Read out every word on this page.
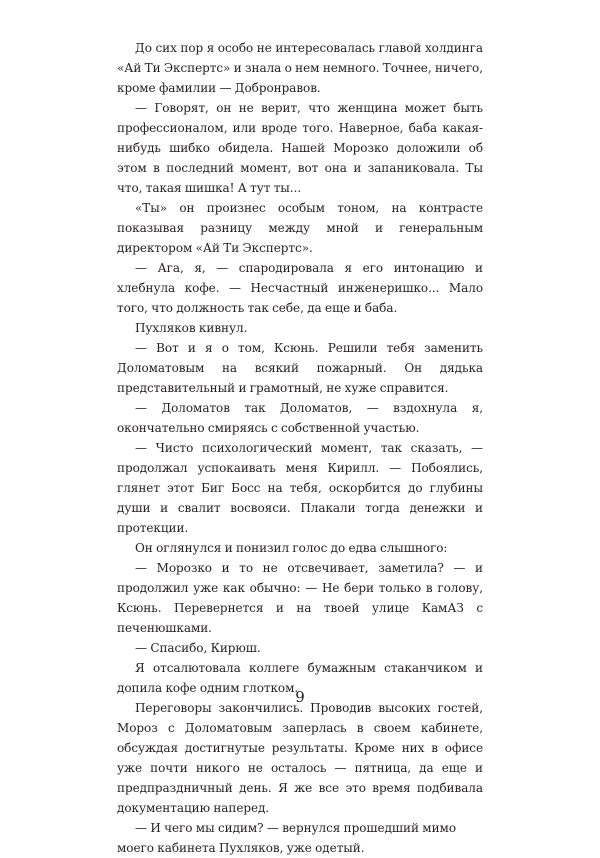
До сих пор я особо не интересовалась главой холдинга «Ай Ти Экспертс» и знала о нем немного. Точнее, ничего, кроме фамилии — Добронравов.

— Говорят, он не верит, что женщина может быть профессионалом, или вроде того. Наверное, баба какая-нибудь шибко обидела. Нашей Морозко доложили об этом в последний момент, вот она и запаниковала. Ты что, такая шишка! А тут ты...

«Ты» он произнес особым тоном, на контрасте показывая разницу между мной и генеральным директором «Ай Ти Экспертс».

— Ага, я, — спародировала я его интонацию и хлебнула кофе. — Несчастный инженеришко... Мало того, что должность так себе, да еще и баба.

Пухляков кивнул.

— Вот и я о том, Ксюнь. Решили тебя заменить Доломатовым на всякий пожарный. Он дядька представительный и грамотный, не хуже справится.

— Доломатов так Доломатов, — вздохнула я, окончательно смиряясь с собственной участью.

— Чисто психологический момент, так сказать, — продолжал успокаивать меня Кирилл. — Побоялись, глянет этот Биг Босс на тебя, оскорбится до глубины души и свалит восвояси. Плакали тогда денежки и протекции.

Он оглянулся и понизил голос до едва слышного:

— Морозко и то не отсвечивает, заметила? — и продолжил уже как обычно: — Не бери только в голову, Ксюнь. Перевернется и на твоей улице КамАЗ с печенюшками.

— Спасибо, Кирюш.

Я отсалютовала коллеге бумажным стаканчиком и допила кофе одним глотком.

Переговоры закончились. Проводив высоких гостей, Мороз с Доломатовым заперлась в своем кабинете, обсуждая достигнутые результаты. Кроме них в офисе уже почти никого не осталось — пятница, да еще и предпраздничный день. Я же все это время подбивала документацию наперед.

— И чего мы сидим? — вернулся прошедший мимо моего кабинета Пухляков, уже одетый.

9
